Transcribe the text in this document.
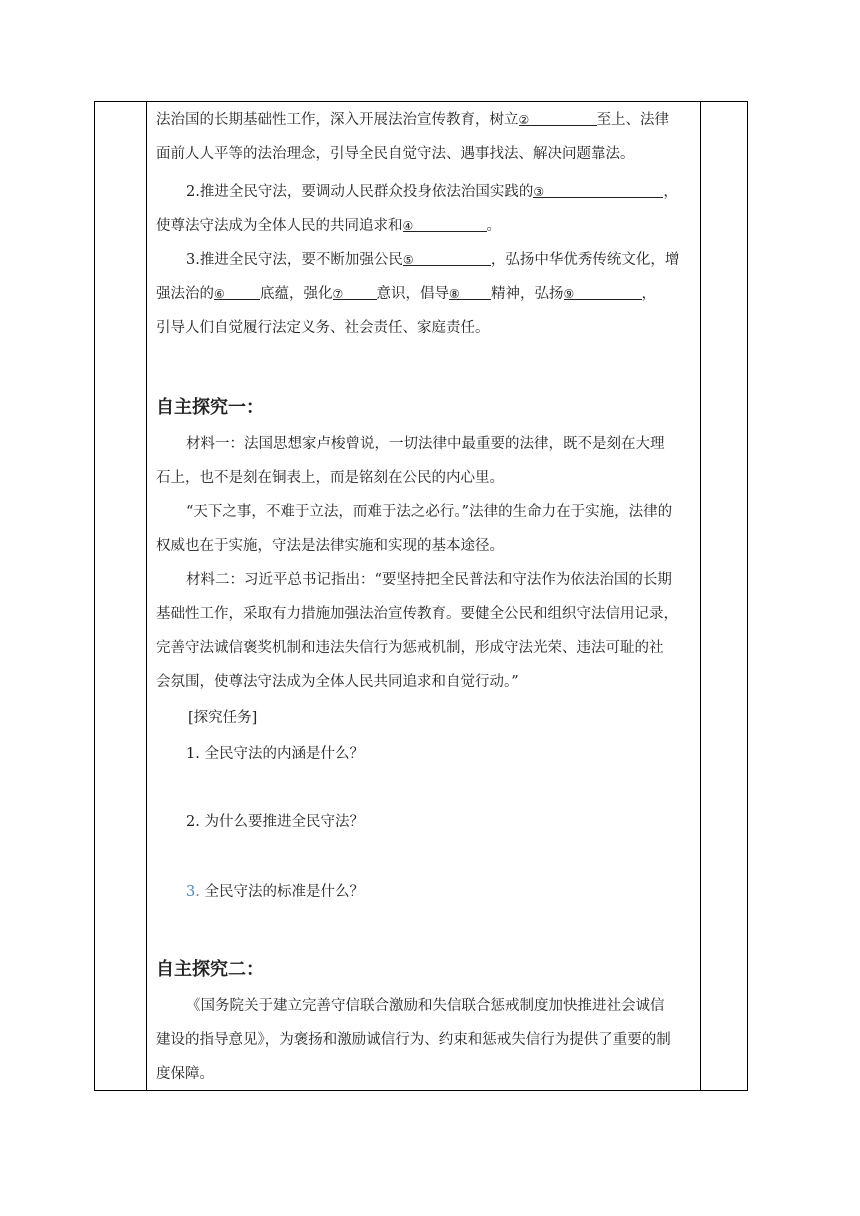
法治国的长期基础性工作，深入开展法治宣传教育，树立②	至上、法律
面前人人平等的法治理念，引导全民自觉守法、遇事找法、解决问题靠法。
2.推进全民守法，要调动人民群众投身依法治国实践的③	，
使尊法守法成为全体人民的共同追求和④	。
3.推进全民守法，要不断加强公民⑤	，弘扬中华优秀传统文化，增
强法治的⑥ 底蕴，强化⑦ 意识，倡导⑧ 精神，弘扬⑨	，
引导人们自觉履行法定义务、社会责任、家庭责任。
自主探究一：
材料一：法国思想家卢梭曾说，一切法律中最重要的法律，既不是刻在大理
石上，也不是刻在铜表上，而是铭刻在公民的内心里。
“天下之事，不难于立法，而难于法之必行。”法律的生命力在于实施，法律的
权威也在于实施，守法是法律实施和实现的基本途径。
材料二：习近平总书记指出：“要坚持把全民普法和守法作为依法治国的长期
基础性工作，采取有力措施加强法治宣传教育。要健全公民和组织守法信用记录，
完善守法诚信褒奖机制和违法失信行为惩戒机制，形成守法光荣、违法可耻的社
会氛围，使尊法守法成为全体人民共同追求和自觉行动。”
[探究任务]
1. 全民守法的内涵是什么？
2. 为什么要推进全民守法？
3. 全民守法的标准是什么？
自主探究二：
《国务院关于建立完善守信联合激励和失信联合惩戒制度加快推进社会诚信
建设的指导意见》，为褒扬和激励诚信行为、约束和惩戒失信行为提供了重要的制
度保障。
